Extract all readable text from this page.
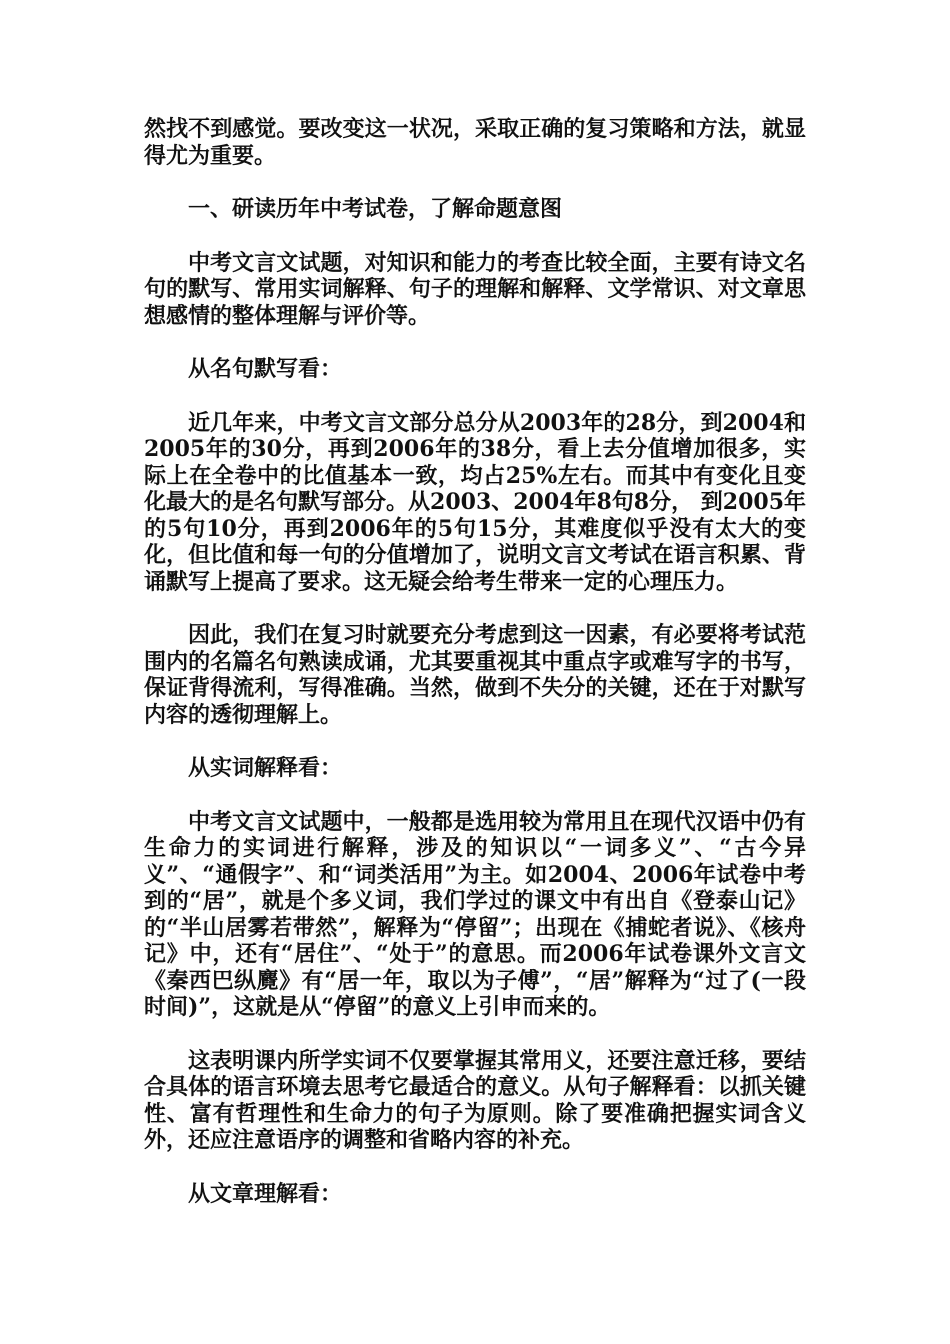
然找不到感觉。要改变这一状况，采取正确的复习策略和方法，就显得尤为重要。

一、研读历年中考试卷，了解命题意图

中考文言文试题，对知识和能力的考查比较全面，主要有诗文名句的默写、常用实词解释、句子的理解和解释、文学常识、对文章思想感情的整体理解与评价等。

从名句默写看：

近几年来，中考文言文部分总分从2003年的28分，到2004和2005年的30分，再到2006年的38分，看上去分值增加很多，实际上在全卷中的比值基本一致，均占25%左右。而其中有变化且变化最大的是名句默写部分。从2003、2004年8句8分， 到2005年的5句10分，再到2006年的5句15分，其难度似乎没有太大的变化，但比值和每一句的分值增加了，说明文言文考试在语言积累、背诵默写上提高了要求。这无疑会给考生带来一定的心理压力。

因此，我们在复习时就要充分考虑到这一因素，有必要将考试范围内的名篇名句熟读成诵，尤其要重视其中重点字或难写字的书写，保证背得流利，写得准确。当然，做到不失分的关键，还在于对默写内容的透彻理解上。

从实词解释看：

中考文言文试题中，一般都是选用较为常用且在现代汉语中仍有生命力的实词进行解释，涉及的知识以“一词多义”、“古今异义”、“通假字”、和“词类活用”为主。如2004、2006年试卷中考到的“居”，就是个多义词，我们学过的课文中有出自《登泰山记》的“半山居雾若带然”，解释为“停留”；出现在《捕蛇者说》、《核舟记》中，还有“居住”、“处于”的意思。而2006年试卷课外文言文《秦西巴纵麑》有“居一年，取以为子傅”，“居”解释为“过了(一段时间)”，这就是从“停留”的意义上引申而来的。

这表明课内所学实词不仅要掌握其常用义，还要注意迁移，要结合具体的语言环境去思考它最适合的意义。从句子解释看：以抓关键性、富有哲理性和生命力的句子为原则。除了要准确把握实词含义外，还应注意语序的调整和省略内容的补充。

从文章理解看：
